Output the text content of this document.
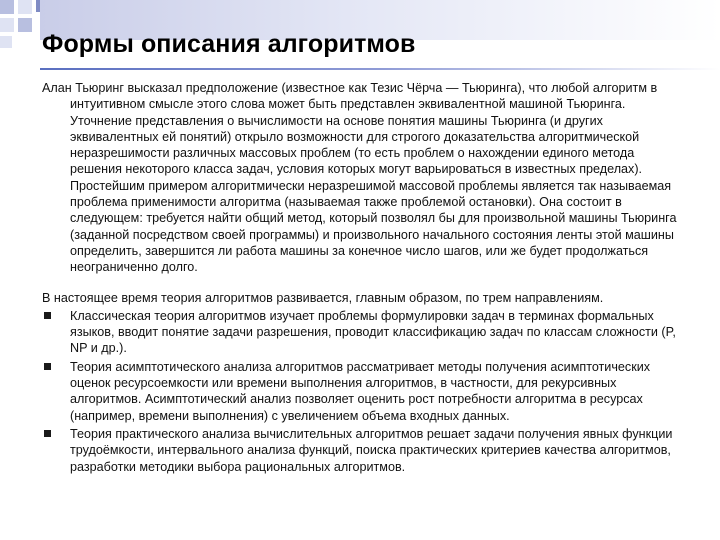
Формы описания алгоритмов

Алан Тьюринг высказал предположение (известное как Тезис Чёрча — Тьюринга), что любой алгоритм в интуитивном смысле этого слова может быть представлен эквивалентной машиной Тьюринга. Уточнение представления о вычислимости на основе понятия машины Тьюринга (и других эквивалентных ей понятий) открыло возможности для строгого доказательства алгоритмической неразрешимости различных массовых проблем (то есть проблем о нахождении единого метода решения некоторого класса задач, условия которых могут варьироваться в известных пределах). Простейшим примером алгоритмически неразрешимой массовой проблемы является так называемая проблема применимости алгоритма (называемая также проблемой остановки). Она состоит в следующем: требуется найти общий метод, который позволял бы для произвольной машины Тьюринга (заданной посредством своей программы) и произвольного начального состояния ленты этой машины определить, завершится ли работа машины за конечное число шагов, или же будет продолжаться неограниченно долго.

В настоящее время теория алгоритмов развивается, главным образом, по трем направлениям.

Классическая теория алгоритмов изучает проблемы формулировки задач в терминах формальных языков, вводит понятие задачи разрешения, проводит классификацию задач по классам сложности (P, NP и др.).
Теория асимптотического анализа алгоритмов рассматривает методы получения асимптотических оценок ресурсоемкости или времени выполнения алгоритмов, в частности, для рекурсивных алгоритмов. Асимптотический анализ позволяет оценить рост потребности алгоритма в ресурсах (например, времени выполнения) с увеличением объема входных данных.
Теория практического анализа вычислительных алгоритмов решает задачи получения явных функции трудоёмкости, интервального анализа функций, поиска практических критериев качества алгоритмов, разработки методики выбора рациональных алгоритмов.
